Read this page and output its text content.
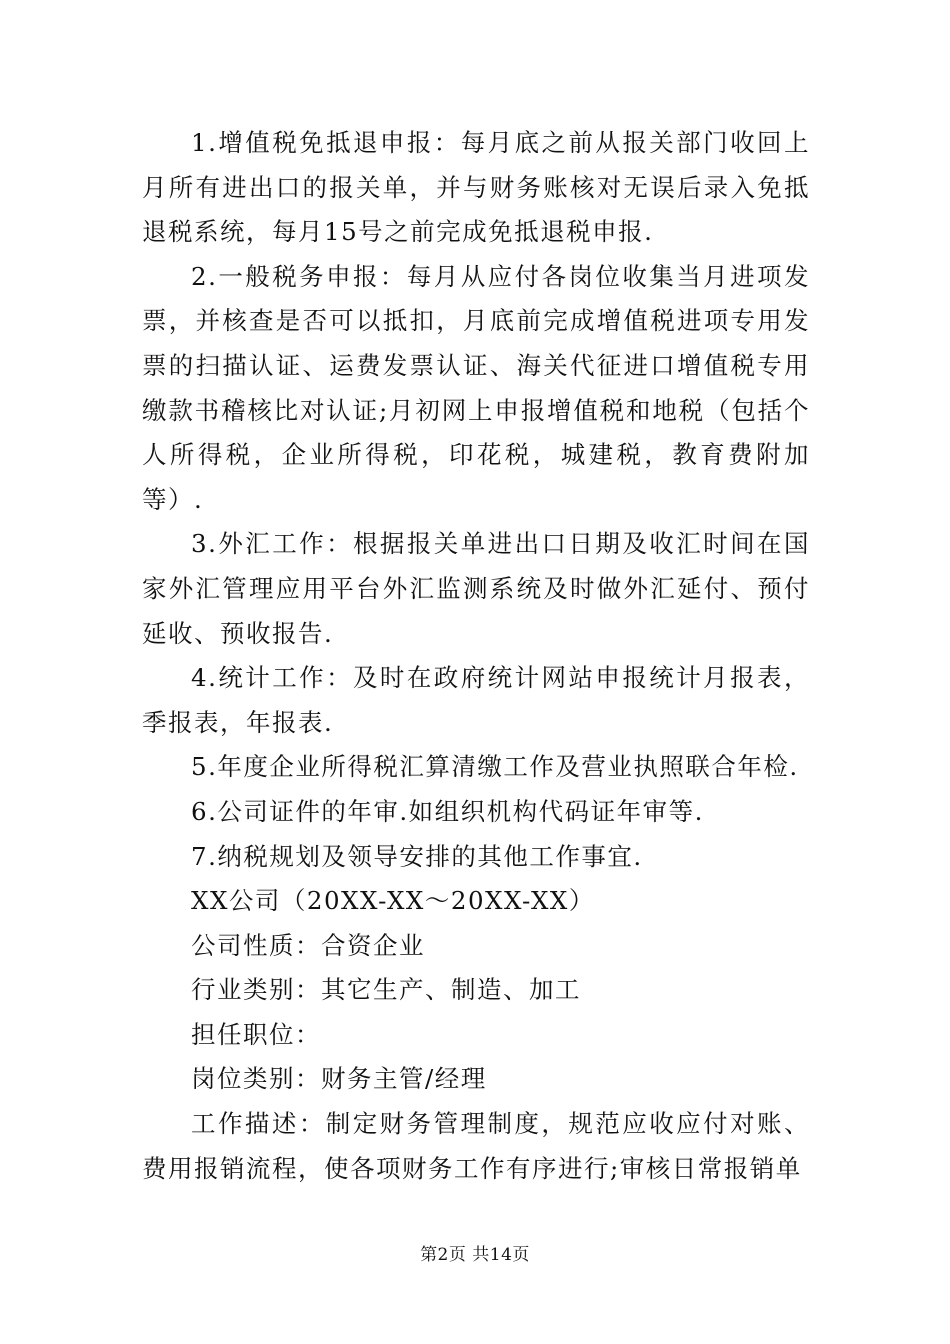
1.增值税免抵退申报：每月底之前从报关部门收回上月所有进出口的报关单，并与财务账核对无误后录入免抵退税系统，每月15号之前完成免抵退税申报.

2.一般税务申报：每月从应付各岗位收集当月进项发票，并核查是否可以抵扣，月底前完成增值税进项专用发票的扫描认证、运费发票认证、海关代征进口增值税专用缴款书稽核比对认证;月初网上申报增值税和地税（包括个人所得税，企业所得税，印花税，城建税，教育费附加等）.

3.外汇工作：根据报关单进出口日期及收汇时间在国家外汇管理应用平台外汇监测系统及时做外汇延付、预付延收、预收报告.

4.统计工作：及时在政府统计网站申报统计月报表，季报表，年报表.

5.年度企业所得税汇算清缴工作及营业执照联合年检.

6.公司证件的年审.如组织机构代码证年审等.

7.纳税规划及领导安排的其他工作事宜.

XX公司（20XX-XX～20XX-XX）

公司性质：合资企业

行业类别：其它生产、制造、加工

担任职位：

岗位类别：财务主管/经理

工作描述：制定财务管理制度，规范应收应付对账、费用报销流程，使各项财务工作有序进行;审核日常报销单

第2页 共14页
